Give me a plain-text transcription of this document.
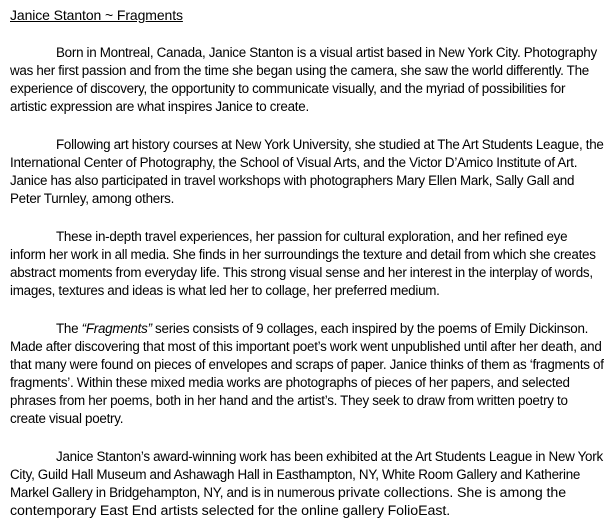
Janice Stanton ~ Fragments

Born in Montreal, Canada, Janice Stanton is a visual artist based in New York City. Photography was her first passion and from the time she began using the camera, she saw the world differently. The experience of discovery, the opportunity to communicate visually, and the myriad of possibilities for artistic expression are what inspires Janice to create.

Following art history courses at New York University, she studied at The Art Students League, the International Center of Photography, the School of Visual Arts, and the Victor D’Amico Institute of Art. Janice has also participated in travel workshops with photographers Mary Ellen Mark, Sally Gall and Peter Turnley, among others.

These in-depth travel experiences, her passion for cultural exploration, and her refined eye inform her work in all media. She finds in her surroundings the texture and detail from which she creates abstract moments from everyday life. This strong visual sense and her interest in the interplay of words, images, textures and ideas is what led her to collage, her preferred medium.

The “Fragments” series consists of 9 collages, each inspired by the poems of Emily Dickinson. Made after discovering that most of this important poet’s work went unpublished until after her death, and that many were found on pieces of envelopes and scraps of paper. Janice thinks of them as ‘fragments of fragments’. Within these mixed media works are photographs of pieces of her papers, and selected phrases from her poems, both in her hand and the artist’s. They seek to draw from written poetry to create visual poetry.

Janice Stanton’s award-winning work has been exhibited at the Art Students League in New York City, Guild Hall Museum and Ashawagh Hall in Easthampton, NY, White Room Gallery and Katherine Markel Gallery in Bridgehampton, NY, and is in numerous private collections. She is among the contemporary East End artists selected for the online gallery FolioEast.
